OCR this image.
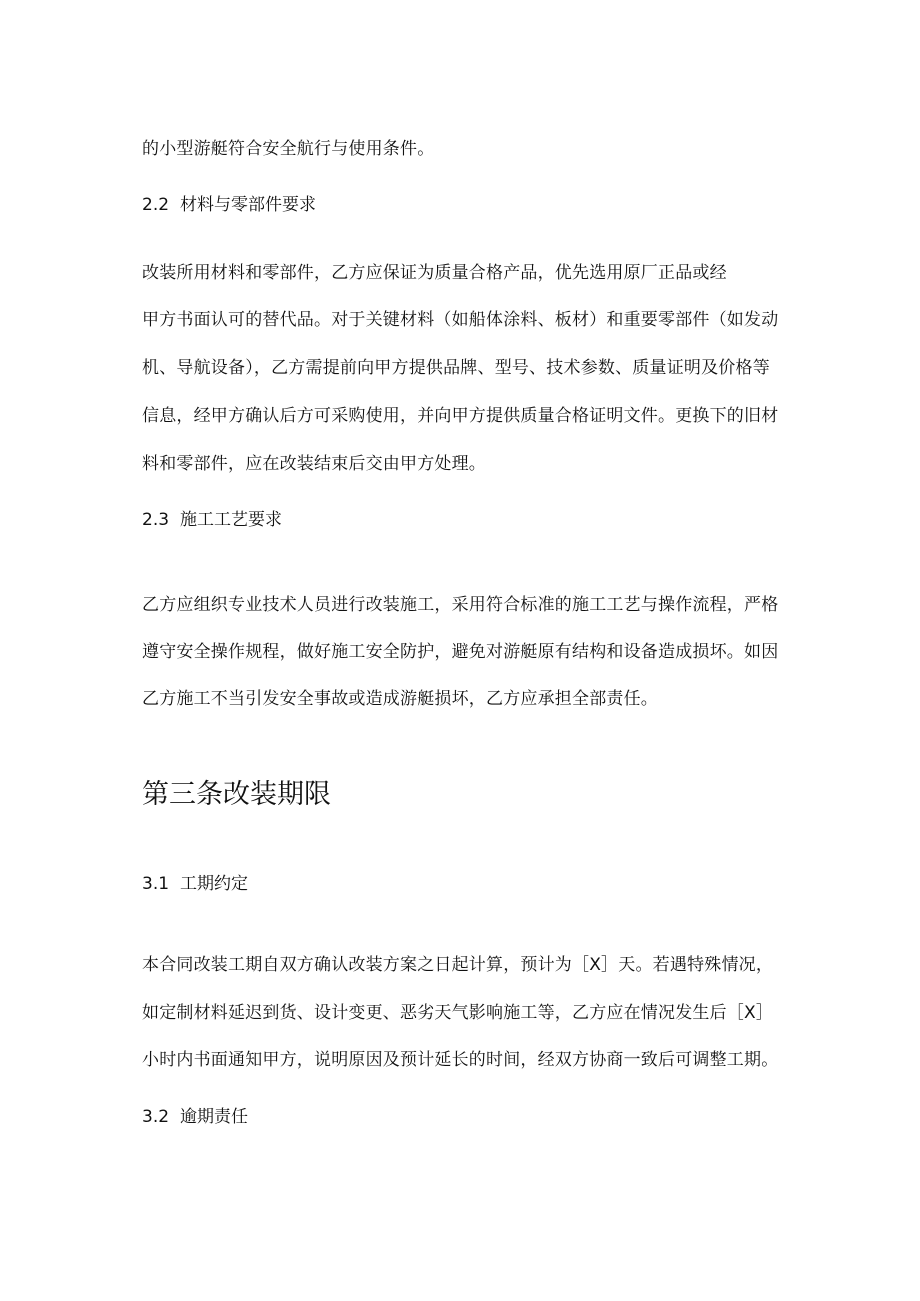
的小型游艇符合安全航行与使用条件。
2.2 材料与零部件要求
改装所用材料和零部件，乙方应保证为质量合格产品，优先选用原厂正品或经
甲方书面认可的替代品。对于关键材料（如船体涂料、板材）和重要零部件（如发动
机、导航设备），乙方需提前向甲方提供品牌、型号、技术参数、质量证明及价格等
信息，经甲方确认后方可采购使用，并向甲方提供质量合格证明文件。更换下的旧材
料和零部件，应在改装结束后交由甲方处理。
2.3 施工工艺要求
乙方应组织专业技术人员进行改装施工，采用符合标准的施工工艺与操作流程，严格
遵守安全操作规程，做好施工安全防护，避免对游艇原有结构和设备造成损坏。如因
乙方施工不当引发安全事故或造成游艇损坏，乙方应承担全部责任。
第三条改装期限
3.1 工期约定
本合同改装工期自双方确认改装方案之日起计算，预计为［X］天。若遇特殊情况，
如定制材料延迟到货、设计变更、恶劣天气影响施工等，乙方应在情况发生后［X］
小时内书面通知甲方，说明原因及预计延长的时间，经双方协商一致后可调整工期。
3.2 逾期责任
